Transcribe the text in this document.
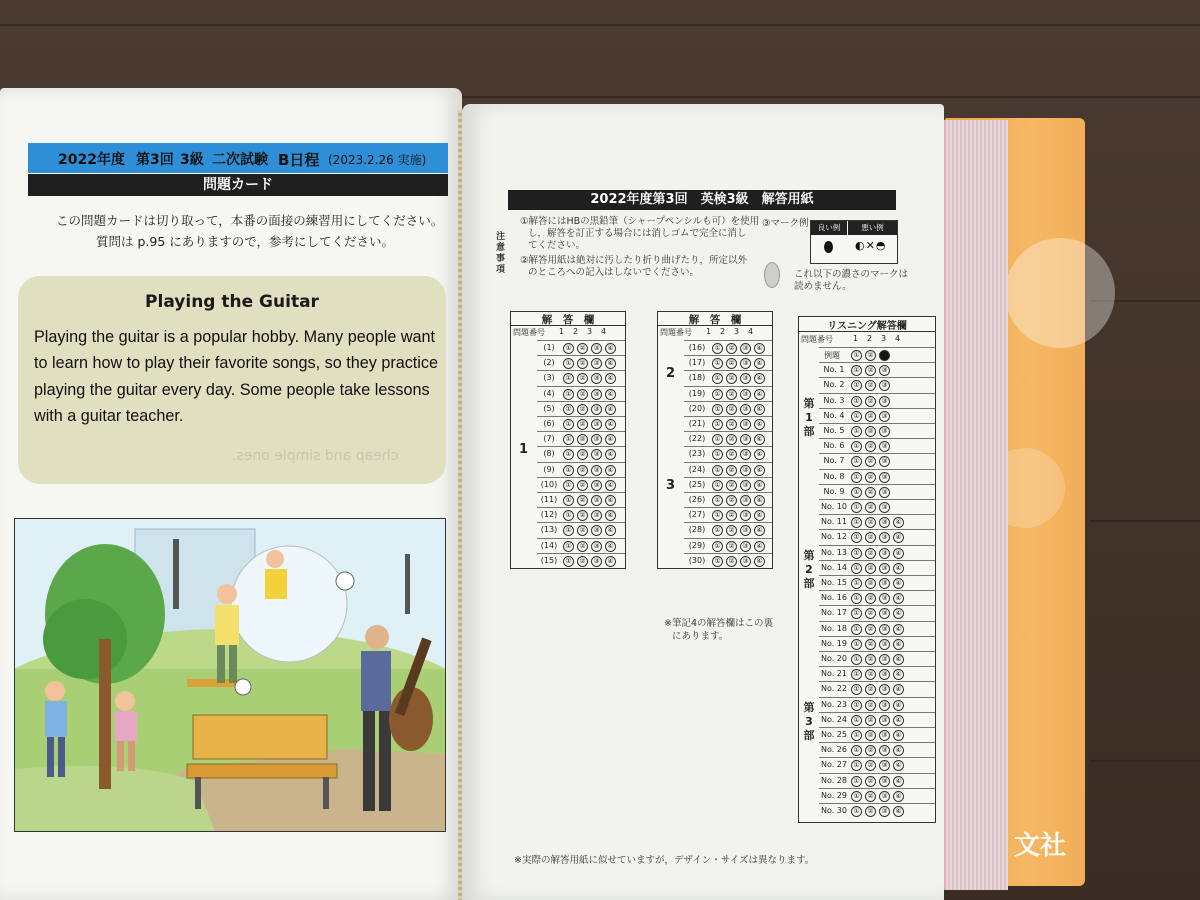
文社
2022年度 第3回 3級 二次試験 B日程 (2023.2.26 実施)
問題カード
この問題カードは切り取って，本番の面接の練習用にしてください。
質問は p.95 にありますので，参考にしてください。
Playing the Guitar

Playing the guitar is a popular hobby. Many people want to learn how to play their favorite songs, so they practice playing the guitar every day. Some people take lessons with a guitar teacher.

cheap and simple ones.
2022年度第3回　英検3級　解答用紙
注意事項
①解答にはHBの黒鉛筆（シャープペンシルも可）を使用
し，解答を訂正する場合には消しゴムで完全に消し
てください。
②解答用紙は絶対に汚したり折り曲げたり，所定以外
のところへの記入はしないでください。
③マーク例	良い例	悪い例
◐✕◓
これ以下の濃さのマークは
読めません。
解　答　欄
問題番号 1 2 3 4
1
(1)	①	②	③	④
(2)	①	②	③	④
(3)	①	②	③	④
(4)	①	②	③	④
(5)	①	②	③	④
(6)	①	②	③	④
(7)	①	②	③	④
(8)	①	②	③	④
(9)	①	②	③	④
(10)	①	②	③	④
(11)	①	②	③	④
(12)	①	②	③	④
(13)	①	②	③	④
(14)	①	②	③	④
(15)	①	②	③	④
解　答　欄
問題番号 1 2 3 4
2
(16)	①	②	③	④
(17)	①	②	③	④
(18)	①	②	③	④
(19)	①	②	③	④
(20)	①	②	③	④
3
(21)	①	②	③	④
(22)	①	②	③	④
(23)	①	②	③	④
(24)	①	②	③	④
(25)	①	②	③	④
(26)	①	②	③	④
(27)	①	②	③	④
(28)	①	②	③	④
(29)	①	②	③	④
(30)	①	②	③	④
リスニング解答欄
問題番号	1 2 3 4
例題	①	②	③
第1部
No. 1	①	②	③
No. 2	①	②	③
No. 3	①	②	③
No. 4	①	②	③
No. 5	①	②	③
No. 6	①	②	③
No. 7	①	②	③
No. 8	①	②	③
No. 9	①	②	③
No. 10 ①	②	③
第2部
No. 11 ①	②	③	④
No. 12 ①	②	③	④
No. 13 ①	②	③	④
No. 14 ①	②	③	④
No. 15 ①	②	③	④
No. 16 ①	②	③	④
No. 17 ①	②	③	④
No. 18 ①	②	③	④
No. 19 ①	②	③	④
No. 20 ①	②	③	④
第3部
No. 21 ①	②	③	④
No. 22 ①	②	③	④
No. 23 ①	②	③	④
No. 24 ①	②	③	④
No. 25 ①	②	③	④
No. 26 ①	②	③	④
No. 27 ①	②	③	④
No. 28 ①	②	③	④
No. 29 ①	②	③	④
No. 30 ①	②	③	④
※筆記4の解答欄はこの裏
にあります。
※実際の解答用紙に似せていますが，デザイン・サイズは異なります。
